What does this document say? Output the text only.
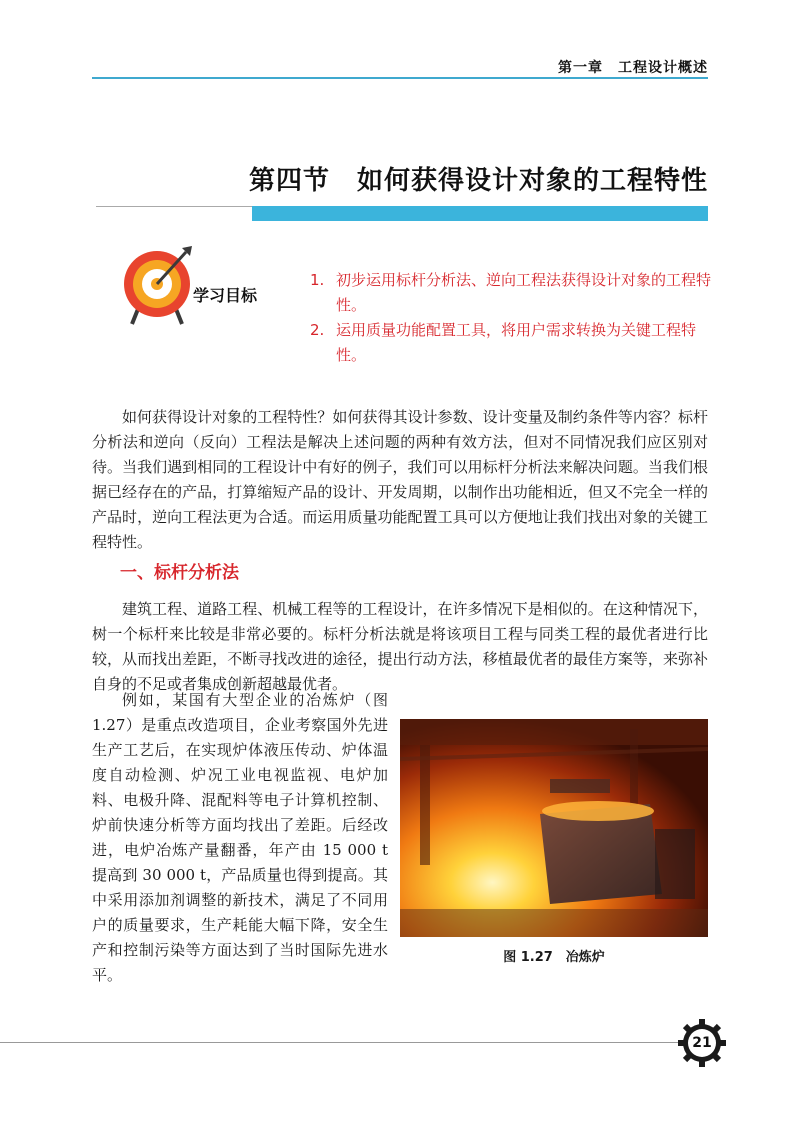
第一章　工程设计概述
第四节　如何获得设计对象的工程特性
学习目标
1. 初步运用标杆分析法、逆向工程法获得设计对象的工程特性。
2. 运用质量功能配置工具，将用户需求转换为关键工程特性。

如何获得设计对象的工程特性？如何获得其设计参数、设计变量及制约条件等内容？标杆分析法和逆向（反向）工程法是解决上述问题的两种有效方法，但对不同情况我们应区别对待。当我们遇到相同的工程设计中有好的例子，我们可以用标杆分析法来解决问题。当我们根据已经存在的产品，打算缩短产品的设计、开发周期，以制作出功能相近，但又不完全一样的产品时，逆向工程法更为合适。而运用质量功能配置工具可以方便地让我们找出对象的关键工程特性。

一、标杆分析法

建筑工程、道路工程、机械工程等的工程设计，在许多情况下是相似的。在这种情况下，树一个标杆来比较是非常必要的。标杆分析法就是将该项目工程与同类工程的最优者进行比较，从而找出差距，不断寻找改进的途径，提出行动方法，移植最优者的最佳方案等，来弥补自身的不足或者集成创新超越最优者。

例如，某国有大型企业的冶炼炉（图 1.27）是重点改造项目，企业考察国外先进生产工艺后，在实现炉体液压传动、炉体温度自动检测、炉况工业电视监视、电炉加料、电极升降、混配料等电子计算机控制、炉前快速分析等方面均找出了差距。后经改进，电炉冶炼产量翻番，年产由 15 000 t 提高到 30 000 t，产品质量也得到提高。其中采用添加剂调整的新技术，满足了不同用户的质量要求，生产耗能大幅下降，安全生产和控制污染等方面达到了当时国际先进水平。

图 1.27　冶炼炉
21
